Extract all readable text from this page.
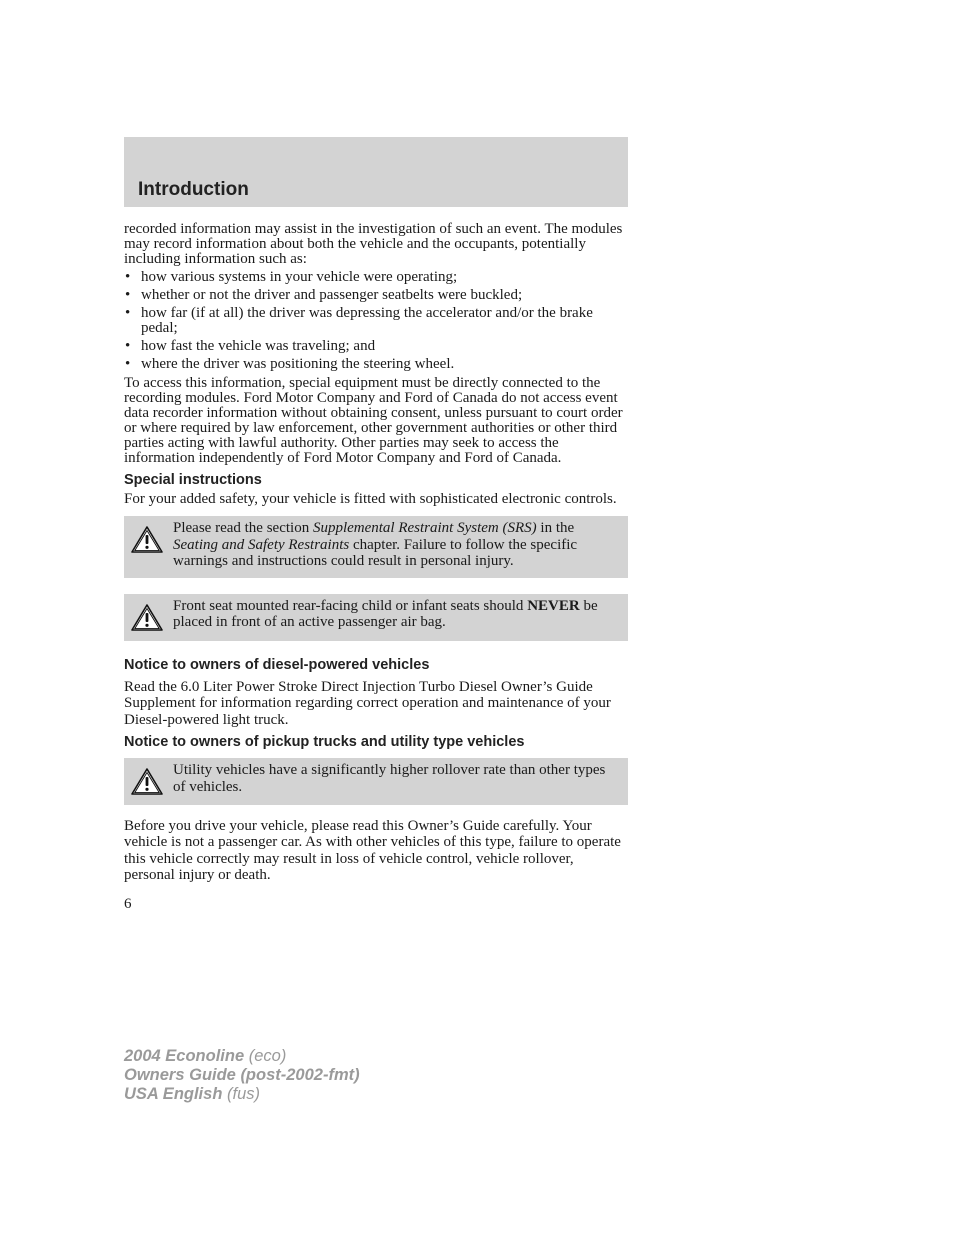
Introduction

recorded information may assist in the investigation of such an event. The modules may record information about both the vehicle and the occupants, potentially including information such as:

• how various systems in your vehicle were operating;
• whether or not the driver and passenger seatbelts were buckled;
• how far (if at all) the driver was depressing the accelerator and/or the brake pedal;
• how fast the vehicle was traveling; and
• where the driver was positioning the steering wheel.

To access this information, special equipment must be directly connected to the recording modules. Ford Motor Company and Ford of Canada do not access event data recorder information without obtaining consent, unless pursuant to court order or where required by law enforcement, other government authorities or other third parties acting with lawful authority. Other parties may seek to access the information independently of Ford Motor Company and Ford of Canada.

Special instructions

For your added safety, your vehicle is fitted with sophisticated electronic controls.

Please read the section Supplemental Restraint System (SRS) in the Seating and Safety Restraints chapter. Failure to follow the specific warnings and instructions could result in personal injury.
Front seat mounted rear-facing child or infant seats should NEVER be placed in front of an active passenger air bag.
Notice to owners of diesel-powered vehicles

Read the 6.0 Liter Power Stroke Direct Injection Turbo Diesel Owner’s Guide Supplement for information regarding correct operation and maintenance of your Diesel-powered light truck.

Notice to owners of pickup trucks and utility type vehicles
Utility vehicles have a significantly higher rollover rate than other types of vehicles.

Before you drive your vehicle, please read this Owner’s Guide carefully. Your vehicle is not a passenger car. As with other vehicles of this type, failure to operate this vehicle correctly may result in loss of vehicle control, vehicle rollover, personal injury or death.

6

2004 Econoline (eco)
Owners Guide (post-2002-fmt)
USA English (fus)
